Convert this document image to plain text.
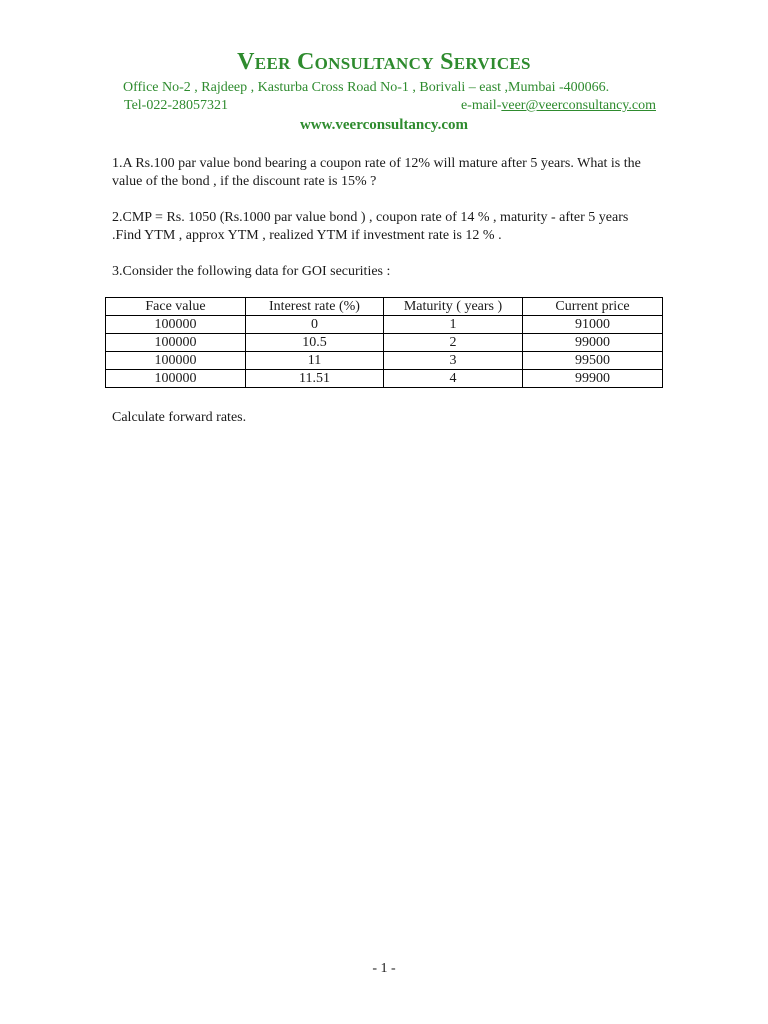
Veer Consultancy Services
Office No-2 , Rajdeep , Kasturba Cross Road No-1 , Borivali – east ,Mumbai -400066.
Tel-022-28057321	e-mail-veer@veerconsultancy.com
www.veerconsultancy.com

1.A Rs.100 par value bond bearing a coupon rate of 12% will mature after 5 years. What is the value of the bond , if the discount rate is 15% ?

2.CMP = Rs. 1050 (Rs.1000 par value bond ) , coupon rate of 14 % , maturity - after 5 years .Find YTM , approx YTM , realized YTM if investment rate is 12 % .

3.Consider the following data for GOI securities :

Face value	Interest rate (%)	Maturity ( years )	Current price
100000	0	1	91000
100000	10.5	2	99000
100000	11	3	99500
100000	11.51	4	99900

Calculate forward rates.

- 1 -
